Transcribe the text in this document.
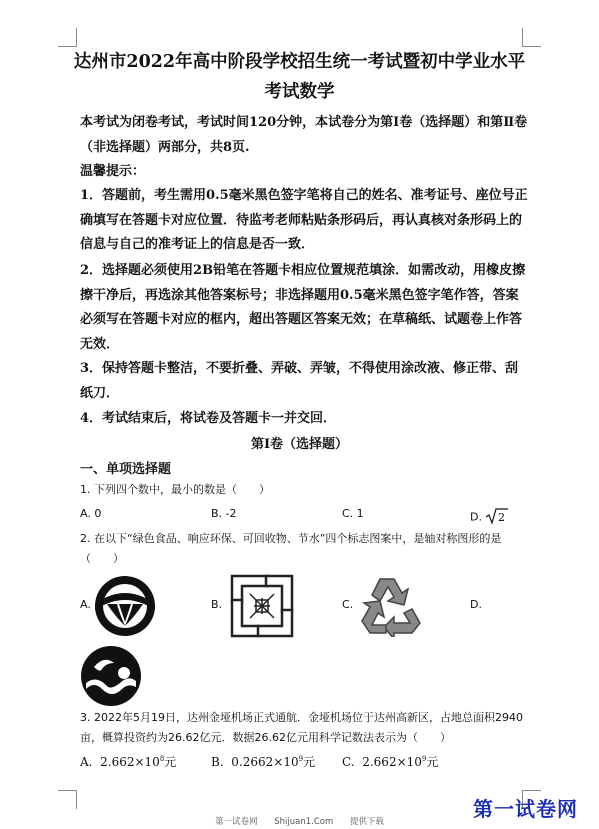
达州市2022年高中阶段学校招生统一考试暨初中学业水平
考试数学
本考试为闭卷考试，考试时间120分钟，本试卷分为第Ⅰ卷（选择题）和第Ⅱ卷（非选择题）两部分，共8页.
温馨提示：
1．答题前，考生需用0.5毫米黑色签字笔将自己的姓名、准考证号、座位号正确填写在答题卡对应位置．待监考老师粘贴条形码后，再认真核对条形码上的信息与自己的准考证上的信息是否一致．
2．选择题必须使用2B铅笔在答题卡相应位置规范填涂．如需改动，用橡皮擦擦干净后，再选涂其他答案标号；非选择题用0.5毫米黑色签字笔作答，答案必须写在答题卡对应的框内，超出答题区答案无效；在草稿纸、试题卷上作答无效．
3．保持答题卡整洁，不要折叠、弄破、弄皱，不得使用涂改液、修正带、刮纸刀．
4．考试结束后，将试卷及答题卡一并交回．
第Ⅰ卷（选择题）
一、单项选择题
1. 下列四个数中，最小的数是（　　）
A. 0	B. -2	C. 1	D. 2
2. 在以下“绿色食品、响应环保、可回收物、节水”四个标志图案中，是轴对称图形的是（　　）
A.	B.	C.	D.
3. 2022年5月19日，达州金垭机场正式通航．金垭机场位于达州高新区，占地总面积2940亩，概算投资约为26.62亿元．数据26.62亿元用科学记数法表示为（　　）
A. $2.662\times 10^8$元	B. $0.2662\times 10^9$元 C. $2.662\times 10^9$元
第一试卷网 Shijuan1.Com 提供下载
第一试卷网
